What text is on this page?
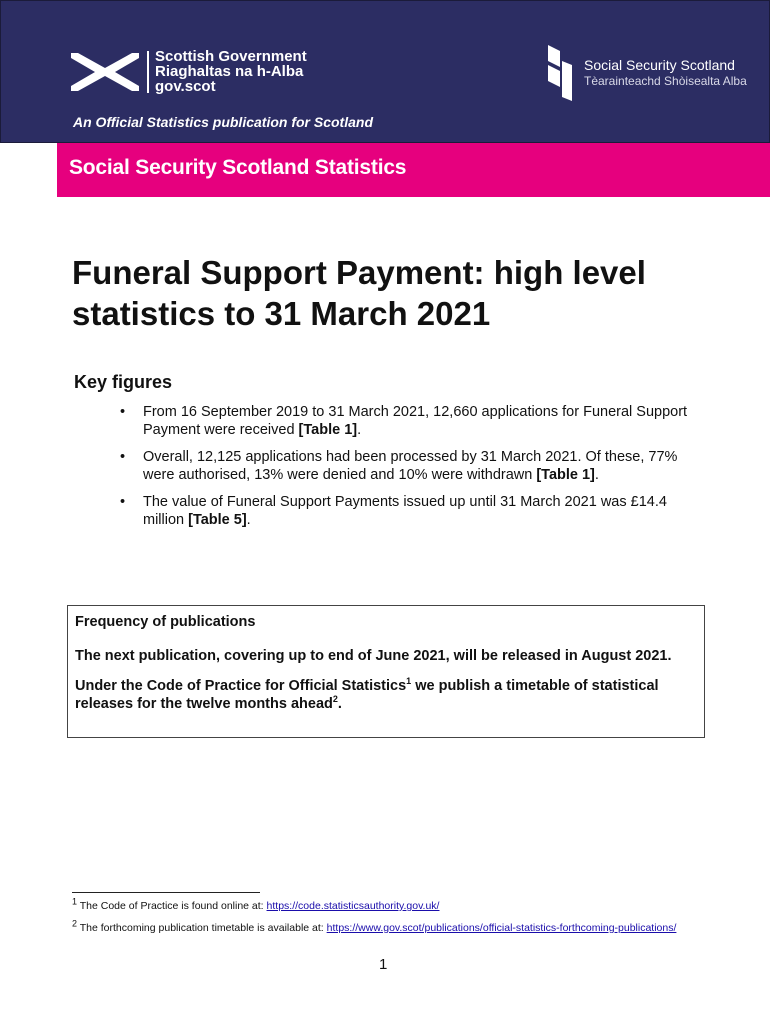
Scottish Government
Riaghaltas na h-Alba
gov.scot
Social Security Scotland
Tèarainteachd Shòisealta Alba
An Official Statistics publication for Scotland
Social Security Scotland Statistics
Funeral Support Payment: high level statistics to 31 March 2021
Key figures
• From 16 September 2019 to 31 March 2021, 12,660 applications for Funeral Support Payment were received [Table 1].
• Overall, 12,125 applications had been processed by 31 March 2021. Of these, 77% were authorised, 13% were denied and 10% were withdrawn [Table 1].
• The value of Funeral Support Payments issued up until 31 March 2021 was £14.4 million [Table 5].

Frequency of publications

The next publication, covering up to end of June 2021, will be released in August 2021.

Under the Code of Practice for Official Statistics$^1$ we publish a timetable of statistical releases for the twelve months ahead$^2$.

$^1$ The Code of Practice is found online at: https://code.statisticsauthority.gov.uk/
$^2$ The forthcoming publication timetable is available at: https://www.gov.scot/publications/official-statistics-forthcoming-publications/
1
